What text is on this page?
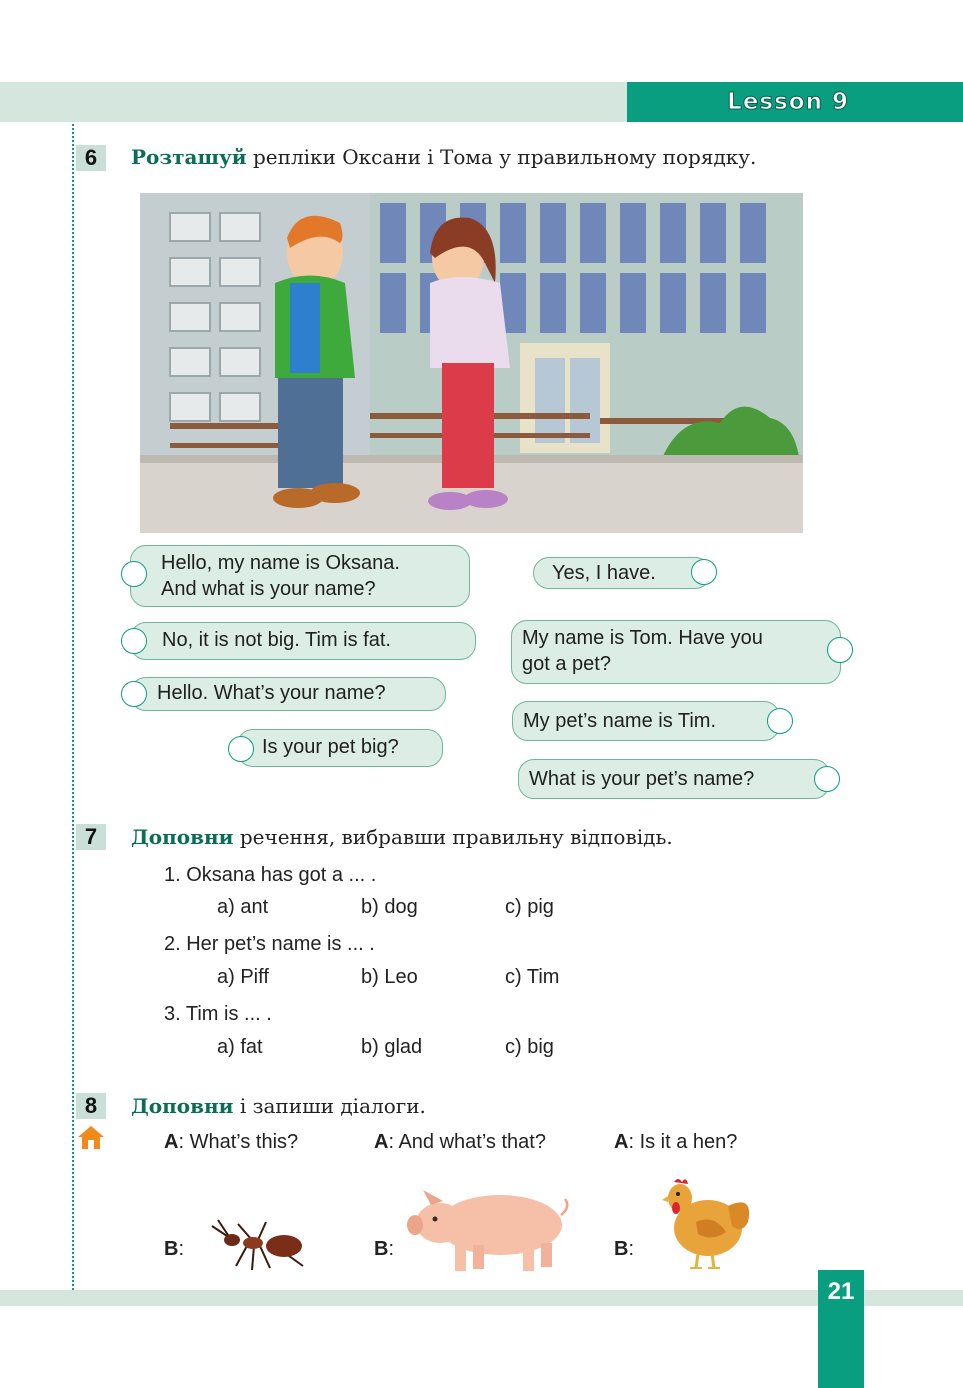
Lesson 9
6	Розташуй репліки Оксани і Тома у правильному порядку.
Hello, my name is Oksana.
And what is your name?
No, it is not big. Tim is fat.
Hello. What’s your name?
Is your pet big?
Yes, I have.
My name is Tom. Have you
got a pet?
My pet’s name is Tim.
What is your pet’s name?
7	Доповни речення, вибравши правильну відповідь.
1. Oksana has got a ... .
a) ant	b) dog	c) pig
2. Her pet’s name is ... .
a) Piff	b) Leo	c) Tim
3. Tim is ... .
a) fat	b) glad	c) big
8	Доповни і запиши діалоги.
A: What’s this?	A: And what’s that?	A: Is it a hen?
B:	B:	B:
21
